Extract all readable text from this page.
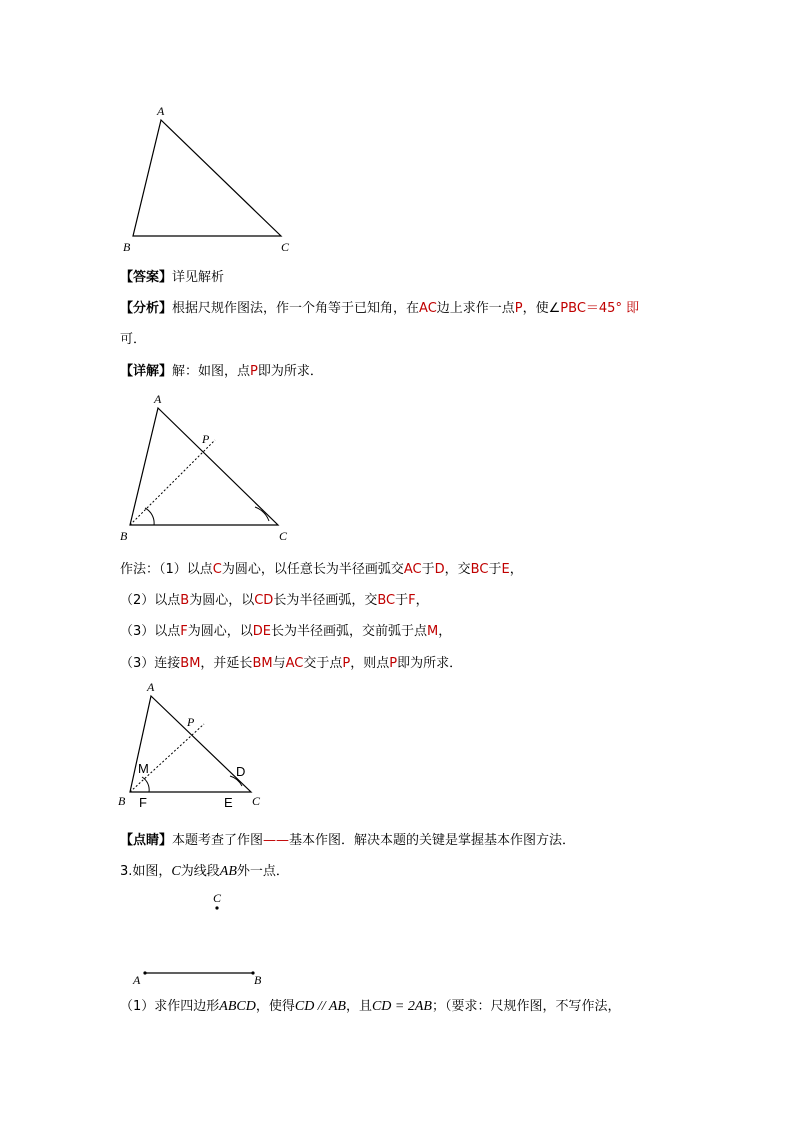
A
B	C
【答案】详见解析
【分析】根据尺规作图法，作一个角等于已知角，在AC边上求作一点P，使∠PBC＝45° 即
可．
【详解】解：如图，点P即为所求．
A
P
B	C
作法：（1）以点C为圆心，以任意长为半径画弧交AC于D，交BC于E，
（2）以点B为圆心，以CD长为半径画弧，交BC于F，
（3）以点F为圆心，以DE长为半径画弧，交前弧于点M，
（3）连接BM，并延长BM与AC交于点P，则点P即为所求．
A
P
M	D
B F	E C
【点睛】本题考查了作图——基本作图．解决本题的关键是掌握基本作图方法．
3.如图，C为线段AB外一点．
C
A	B
（1）求作四边形ABCD，使得CD // AB，且CD = 2AB；（要求：尺规作图，不写作法，
